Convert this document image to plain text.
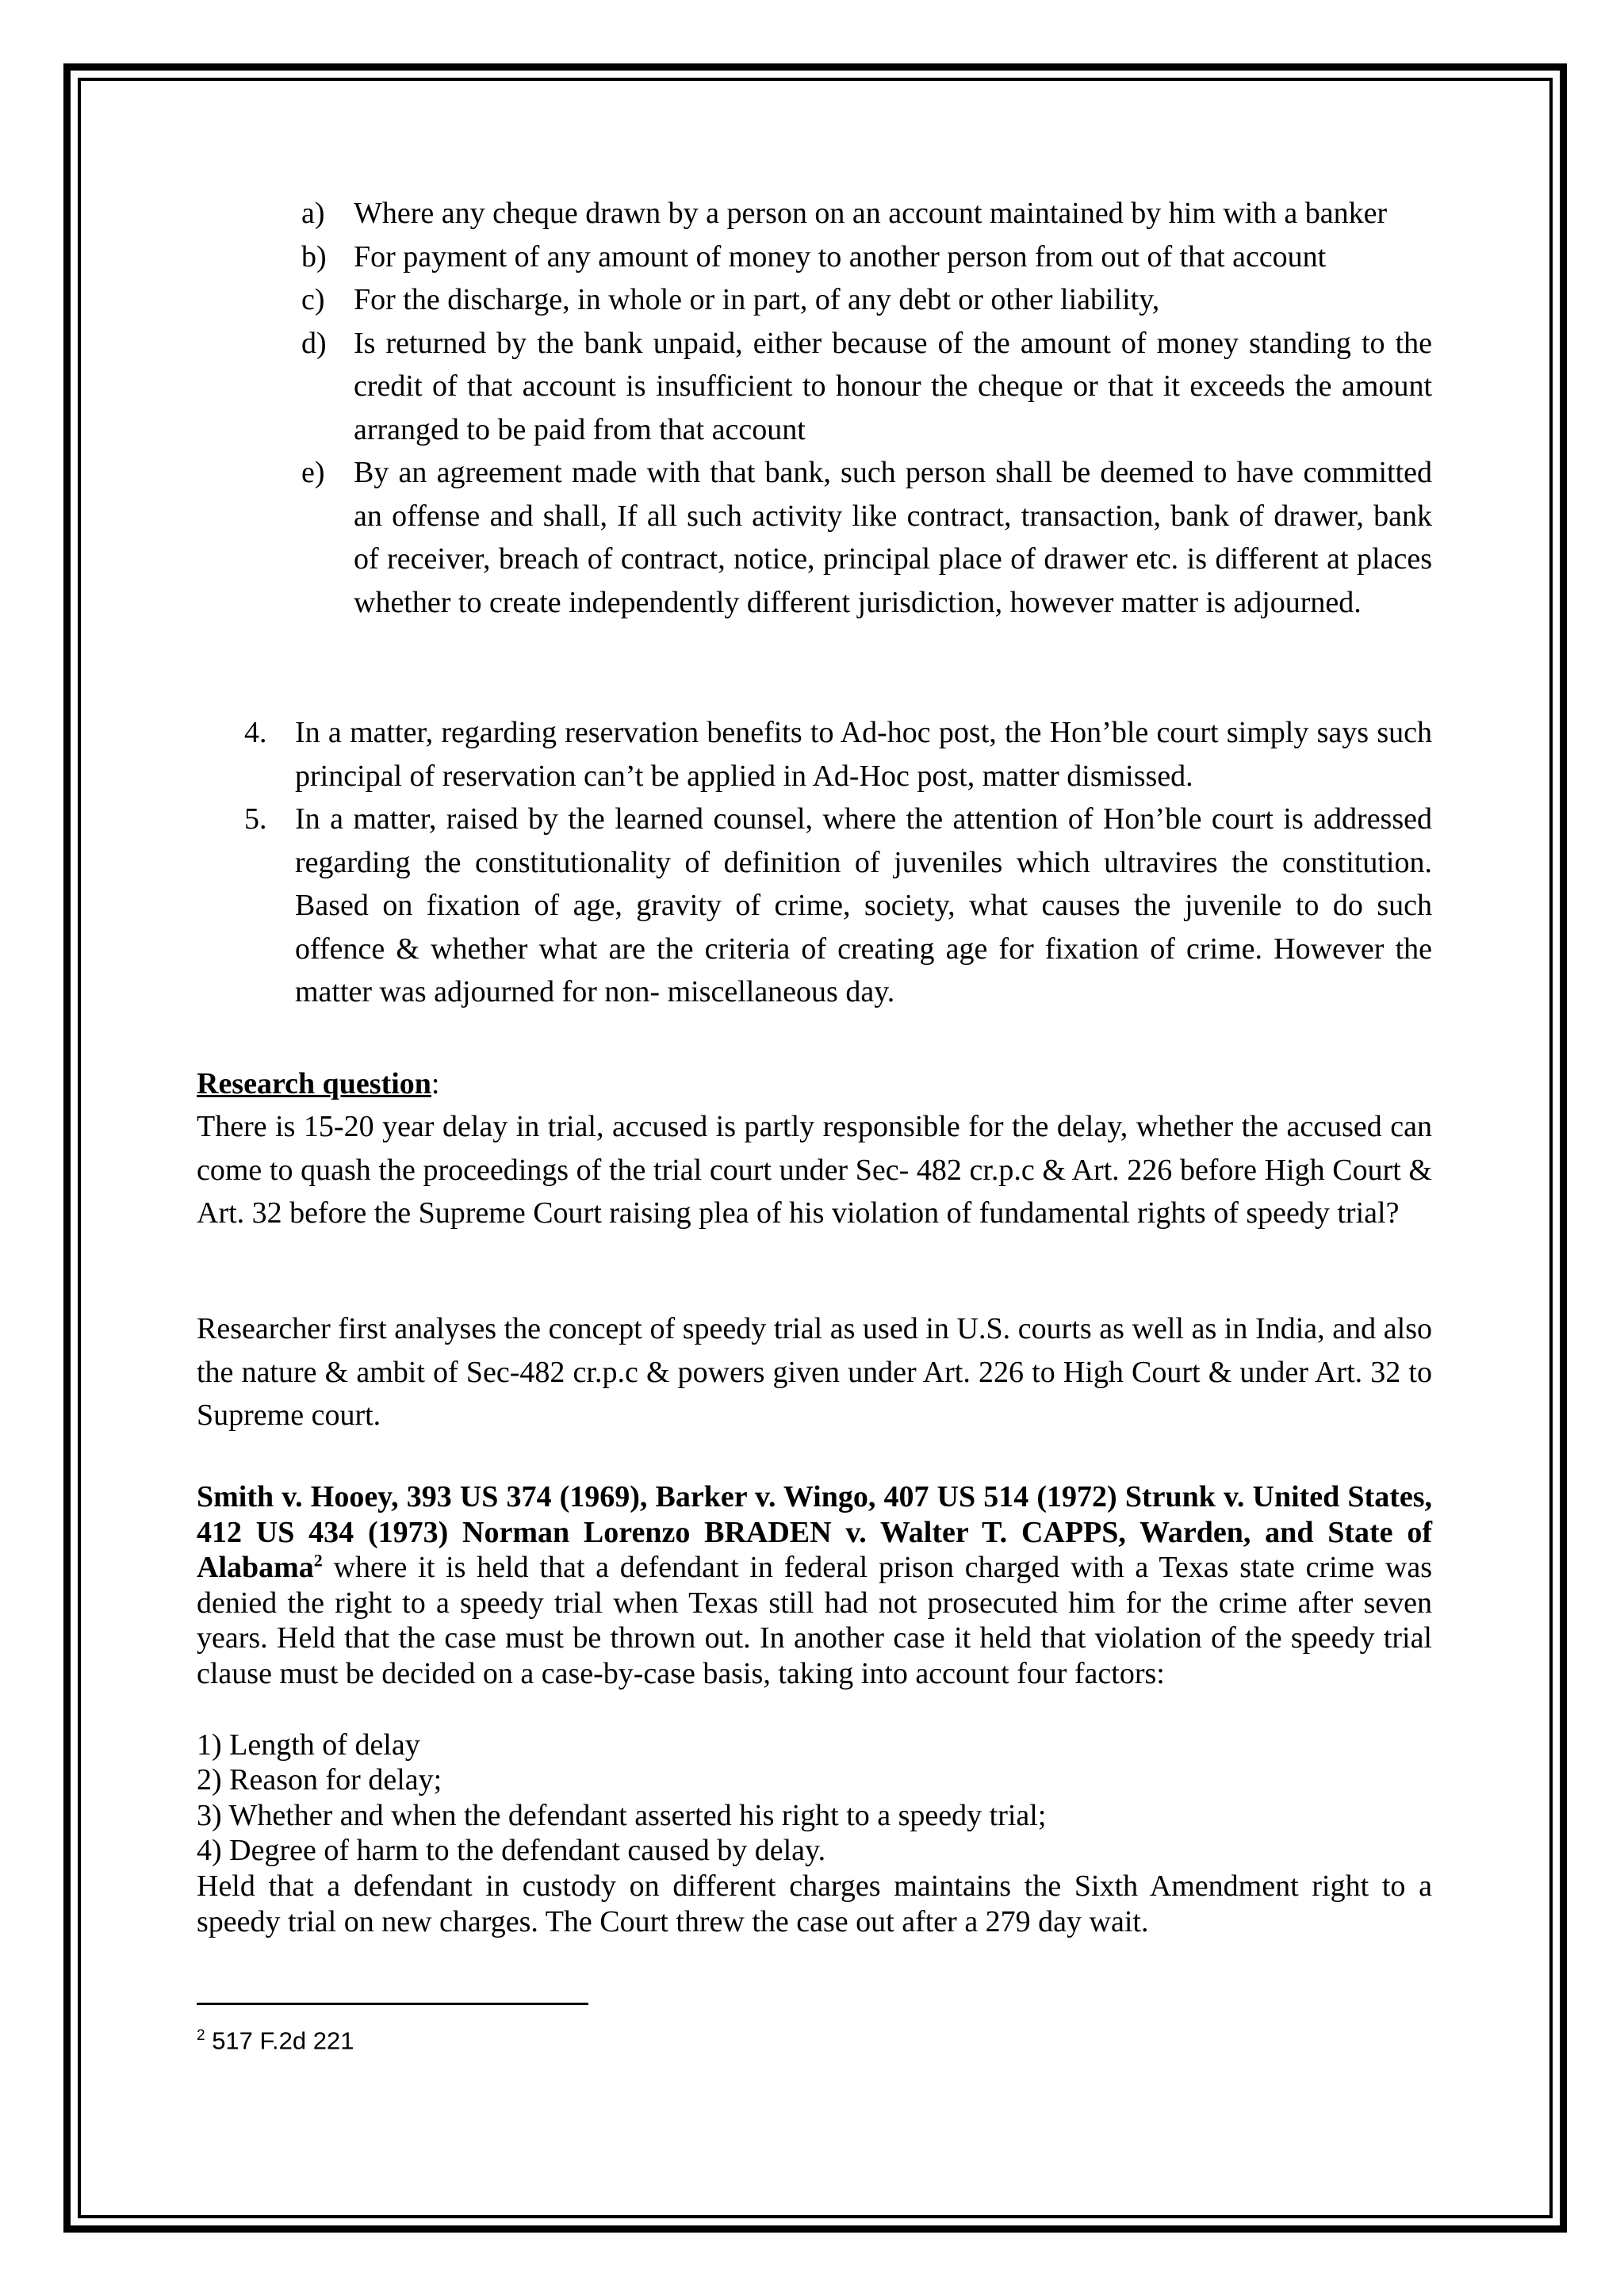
a) Where any cheque drawn by a person on an account maintained by him with a banker
b) For payment of any amount of money to another person from out of that account
c) For the discharge, in whole or in part, of any debt or other liability,
d) Is returned by the bank unpaid, either because of the amount of money standing to the credit of that account is insufficient to honour the cheque or that it exceeds the amount arranged to be paid from that account
e) By an agreement made with that bank, such person shall be deemed to have committed an offense and shall, If all such activity like contract, transaction, bank of drawer, bank of receiver, breach of contract, notice, principal place of drawer etc. is different at places whether to create independently different jurisdiction, however matter is adjourned.
4. In a matter, regarding reservation benefits to Ad-hoc post, the Hon’ble court simply says such principal of reservation can’t be applied in Ad-Hoc post, matter dismissed.
5. In a matter, raised by the learned counsel, where the attention of Hon’ble court is addressed regarding the constitutionality of definition of juveniles which ultravires the constitution. Based on fixation of age, gravity of crime, society, what causes the juvenile to do such offence & whether what are the criteria of creating age for fixation of crime. However the matter was adjourned for non- miscellaneous day.
Research question:
There is 15-20 year delay in trial, accused is partly responsible for the delay, whether the accused can come to quash the proceedings of the trial court under Sec- 482 cr.p.c & Art. 226 before High Court & Art. 32 before the Supreme Court raising plea of his violation of fundamental rights of speedy trial?
Researcher first analyses the concept of speedy trial as used in U.S. courts as well as in India, and also the nature & ambit of Sec-482 cr.p.c & powers given under Art. 226 to High Court & under Art. 32 to Supreme court.
Smith v. Hooey, 393 US 374 (1969), Barker v. Wingo, 407 US 514 (1972) Strunk v. United States, 412 US 434 (1973) Norman Lorenzo BRADEN v. Walter T. CAPPS, Warden, and State of Alabama$^2$ where it is held that a defendant in federal prison charged with a Texas state crime was denied the right to a speedy trial when Texas still had not prosecuted him for the crime after seven years. Held that the case must be thrown out. In another case it held that violation of the speedy trial clause must be decided on a case-by-case basis, taking into account four factors:
1) Length of delay
2) Reason for delay;
3) Whether and when the defendant asserted his right to a speedy trial;
4) Degree of harm to the defendant caused by delay.
Held that a defendant in custody on different charges maintains the Sixth Amendment right to a speedy trial on new charges. The Court threw the case out after a 279 day wait.
$^2$ 517 F.2d 221
